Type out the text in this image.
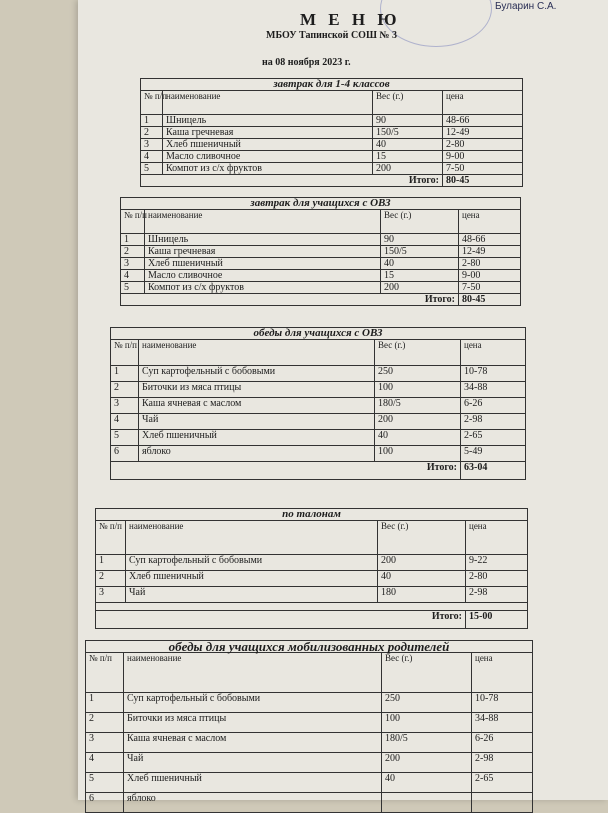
Буларин С.А.
М Е Н Ю
МБОУ Тапинской СОШ № 3
на 08 ноября 2023 г.
завтрак для 1-4 классов			
№ п/п	наименование	Вес (г.)	цена
1	Шницель	90	48-66
2	Каша гречневая	150/5	12-49
3	Хлеб пшеничный	40	2-80
4	Масло сливочное	15	9-00
5	Компот из с/х фруктов	200	7-50
Итого:			80-45
завтрак для учащихся с ОВЗ			
№ п/п	наименование	Вес (г.)	цена
1	Шницель	90	48-66
2	Каша гречневая	150/5	12-49
3	Хлеб пшеничный	40	2-80
4	Масло сливочное	15	9-00
5	Компот из с/х фруктов	200	7-50
Итого:			80-45
обеды для учащихся с ОВЗ			
№ п/п	наименование	Вес (г.)	цена
1	Суп картофельный с бобовыми	250	10-78
2	Биточки из мяса птицы	100	34-88
3	Каша ячневая с маслом	180/5	6-26
4	Чай	200	2-98
5	Хлеб пшеничный	40	2-65
6	яблоко	100	5-49
Итого:			63-04
по талонам			
№ п/п	наименование	Вес (г.)	цена
1	Суп картофельный с бобовыми	200	9-22
2	Хлеб пшеничный	40	2-80
3	Чай	180	2-98

Итого:			15-00
обеды для учащихся мобилизованных родителей			
№ п/п	наименование	Вес (г.)	цена
1	Суп картофельный с бобовыми	250	10-78
2	Биточки из мяса птицы	100	34-88
3	Каша ячневая с маслом	180/5	6-26
4	Чай	200	2-98
5	Хлеб пшеничный	40	2-65
6	яблоко		
